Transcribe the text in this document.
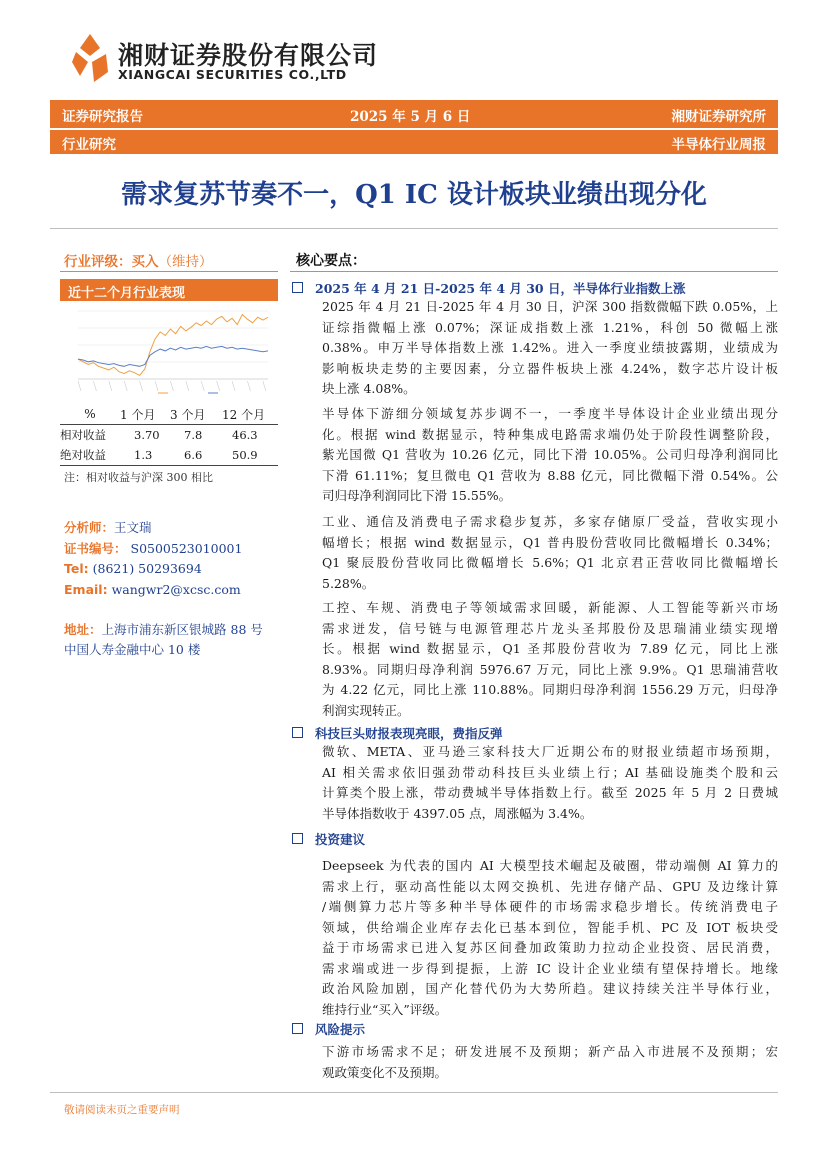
湘财证券股份有限公司
XIANGCAI SECURITIES CO.,LTD
证券研究报告	2025 年 5 月 6 日	湘财证券研究所
行业研究	半导体行业周报
需求复苏节奏不一，Q1 IC 设计板块业绩出现分化
行业评级：买入（维持）
近十二个月行业表现
%	1 个月	3 个月	12 个月
相对收益	3.70	7.8	46.3
绝对收益	1.3	6.6	50.9
注：相对收益与沪深 300 相比
分析师：王文瑞
证书编号： S0500523010001
Tel: (8621) 50293694
Email: wangwr2@xcsc.com
地址：上海市浦东新区银城路 88 号
中国人寿金融中心 10 楼
核心要点：
2025 年 4 月 21 日-2025 年 4 月 30 日，半导体行业指数上涨
2025 年 4 月 21 日-2025 年 4 月 30 日，沪深 300 指数微幅下跌 0.05%，上
证综指微幅上涨 0.07%；深证成指数上涨 1.21%，科创 50 微幅上涨
0.38%。申万半导体指数上涨 1.42%。进入一季度业绩披露期，业绩成为
影响板块走势的主要因素，分立器件板块上涨 4.24%，数字芯片设计板
块上涨 4.08%。
半导体下游细分领域复苏步调不一，一季度半导体设计企业业绩出现分
化。根据 wind 数据显示，特种集成电路需求端仍处于阶段性调整阶段，
紫光国微 Q1 营收为 10.26 亿元，同比下滑 10.05%。公司归母净利润同比
下滑 61.11%；复旦微电 Q1 营收为 8.88 亿元，同比微幅下滑 0.54%。公
司归母净利润同比下滑 15.55%。
工业、通信及消费电子需求稳步复苏，多家存储原厂受益，营收实现小
幅增长；根据 wind 数据显示，Q1 普冉股份营收同比微幅增长 0.34%；
Q1 聚辰股份营收同比微幅增长 5.6%；Q1 北京君正营收同比微幅增长
5.28%。
工控、车规、消费电子等领域需求回暖，新能源、人工智能等新兴市场
需求迸发，信号链与电源管理芯片龙头圣邦股份及思瑞浦业绩实现增
长。根据 wind 数据显示，Q1 圣邦股份营收为 7.89 亿元，同比上涨
8.93%。同期归母净利润 5976.67 万元，同比上涨 9.9%。Q1 思瑞浦营收
为 4.22 亿元，同比上涨 110.88%。同期归母净利润 1556.29 万元，归母净
利润实现转正。
科技巨头财报表现亮眼，费指反弹
微软、META、亚马逊三家科技大厂近期公布的财报业绩超市场预期，
AI 相关需求依旧强劲带动科技巨头业绩上行；AI 基础设施类个股和云
计算类个股上涨，带动费城半导体指数上行。截至 2025 年 5 月 2 日费城
半导体指数收于 4397.05 点，周涨幅为 3.4%。
投资建议
Deepseek 为代表的国内 AI 大模型技术崛起及破圈，带动端侧 AI 算力的
需求上行，驱动高性能以太网交换机、先进存储产品、GPU 及边缘计算
/端侧算力芯片等多种半导体硬件的市场需求稳步增长。传统消费电子
领域，供给端企业库存去化已基本到位，智能手机、PC 及 IOT 板块受
益于市场需求已进入复苏区间叠加政策助力拉动企业投资、居民消费，
需求端或进一步得到提振，上游 IC 设计企业业绩有望保持增长。地缘
政治风险加剧，国产化替代仍为大势所趋。建议持续关注半导体行业，
维持行业“买入”评级。
风险提示
下游市场需求不足；研发进展不及预期；新产品入市进展不及预期；宏
观政策变化不及预期。
敬请阅读末页之重要声明
